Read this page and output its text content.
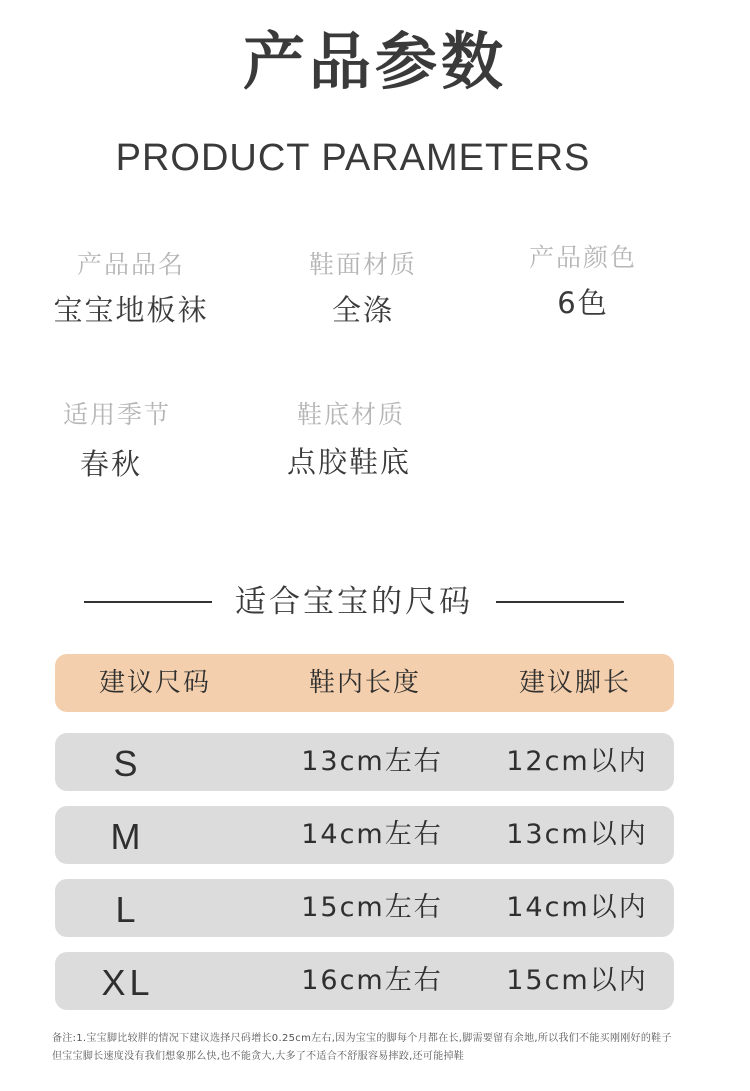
产品参数
PRODUCT PARAMETERS
产品品名
宝宝地板袜
鞋面材质
全涤
产品颜色
6色
适用季节
春秋
鞋底材质
点胶鞋底
适合宝宝的尺码
建议尺码	鞋内长度	建议脚长
S	13cm左右	12cm以内
M	14cm左右	13cm以内
L	15cm左右	14cm以内
XL	16cm左右	15cm以内
备注:1.宝宝脚比较胖的情况下建议选择尺码增长0.25cm左右,因为宝宝的脚每个月都在长,脚需要留有余地,所以我们不能买刚刚好的鞋子
但宝宝脚长速度没有我们想象那么快,也不能贪大,大多了不适合不舒服容易摔跤,还可能掉鞋
